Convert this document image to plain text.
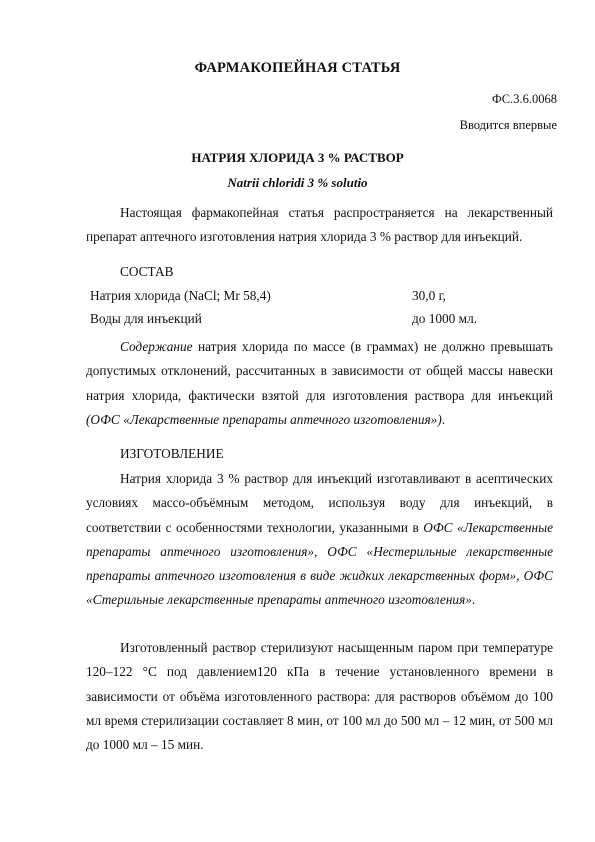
ФАРМАКОПЕЙНАЯ СТАТЬЯ
ФС.3.6.0068
Вводится впервые
НАТРИЯ ХЛОРИДА 3 % РАСТВОР
Natrii chloridi 3 % solutio

Настоящая фармакопейная статья распространяется на лекарственный препарат аптечного изготовления натрия хлорида 3 % раствор для инъекций.

СОСТАВ
Натрия хлорида (NaCl; Mr 58,4)	30,0 г,
Воды для инъекций	до 1000 мл.

Содержание натрия хлорида по массе (в граммах) не должно превышать допустимых отклонений, рассчитанных в зависимости от общей массы навески натрия хлорида, фактически взятой для изготовления раствора для инъекций (ОФС «Лекарственные препараты аптечного изготовления»).

ИЗГОТОВЛЕНИЕ

Натрия хлорида 3 % раствор для инъекций изготавливают в асептических условиях массо-объёмным методом, используя воду для инъекций, в соответствии с особенностями технологии, указанными в ОФС «Лекарственные препараты аптечного изготовления», ОФС «Нестерильные лекарственные препараты аптечного изготовления в виде жидких лекарственных форм», ОФС «Стерильные лекарственные препараты аптечного изготовления».

Изготовленный раствор стерилизуют насыщенным паром при температуре 120–122 °С под давлением120 кПа в течение установленного времени в зависимости от объёма изготовленного раствора: для растворов объёмом до 100 мл время стерилизации составляет 8 мин, от 100 мл до 500 мл – 12 мин, от 500 мл до 1000 мл – 15 мин.
